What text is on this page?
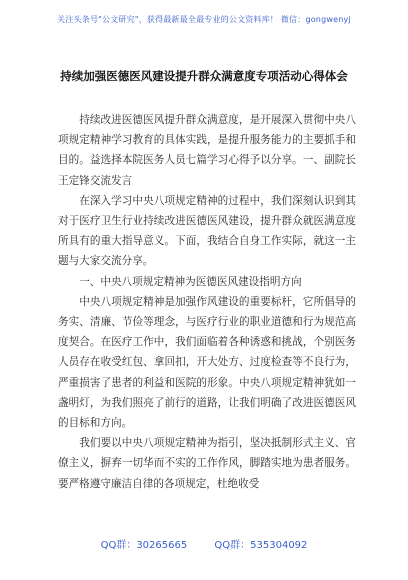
关注头条号"公文研究"，获得最新最全最专业的公文资料库！ 微信：gongwenyj
持续加强医德医风建设提升群众满意度专项活动心得体会

持续改进医德医风提升群众满意度，是开展深入贯彻中央八项规定精神学习教育的具体实践，是提升服务能力的主要抓手和目的。益选择本院医务人员七篇学习心得予以分享。一、副院长王定锋交流发言

在深入学习中央八项规定精神的过程中，我们深刻认识到其对于医疗卫生行业持续改进医德医风建设，提升群众就医满意度所具有的重大指导意义。下面，我结合自身工作实际，就这一主题与大家交流分享。

一、中央八项规定精神为医德医风建设指明方向

中央八项规定精神是加强作风建设的重要标杆，它所倡导的务实、清廉、节俭等理念，与医疗行业的职业道德和行为规范高度契合。在医疗工作中，我们面临着各种诱惑和挑战，个别医务人员存在收受红包、拿回扣，开大处方、过度检查等不良行为，严重损害了患者的利益和医院的形象。中央八项规定精神犹如一盏明灯，为我们照亮了前行的道路，让我们明确了改进医德医风的目标和方向。

我们要以中央八项规定精神为指引，坚决抵制形式主义、官僚主义，摒弃一切华而不实的工作作风，脚踏实地为患者服务。要严格遵守廉洁自律的各项规定，杜绝收受

QQ群：30265665	QQ群：535304092
